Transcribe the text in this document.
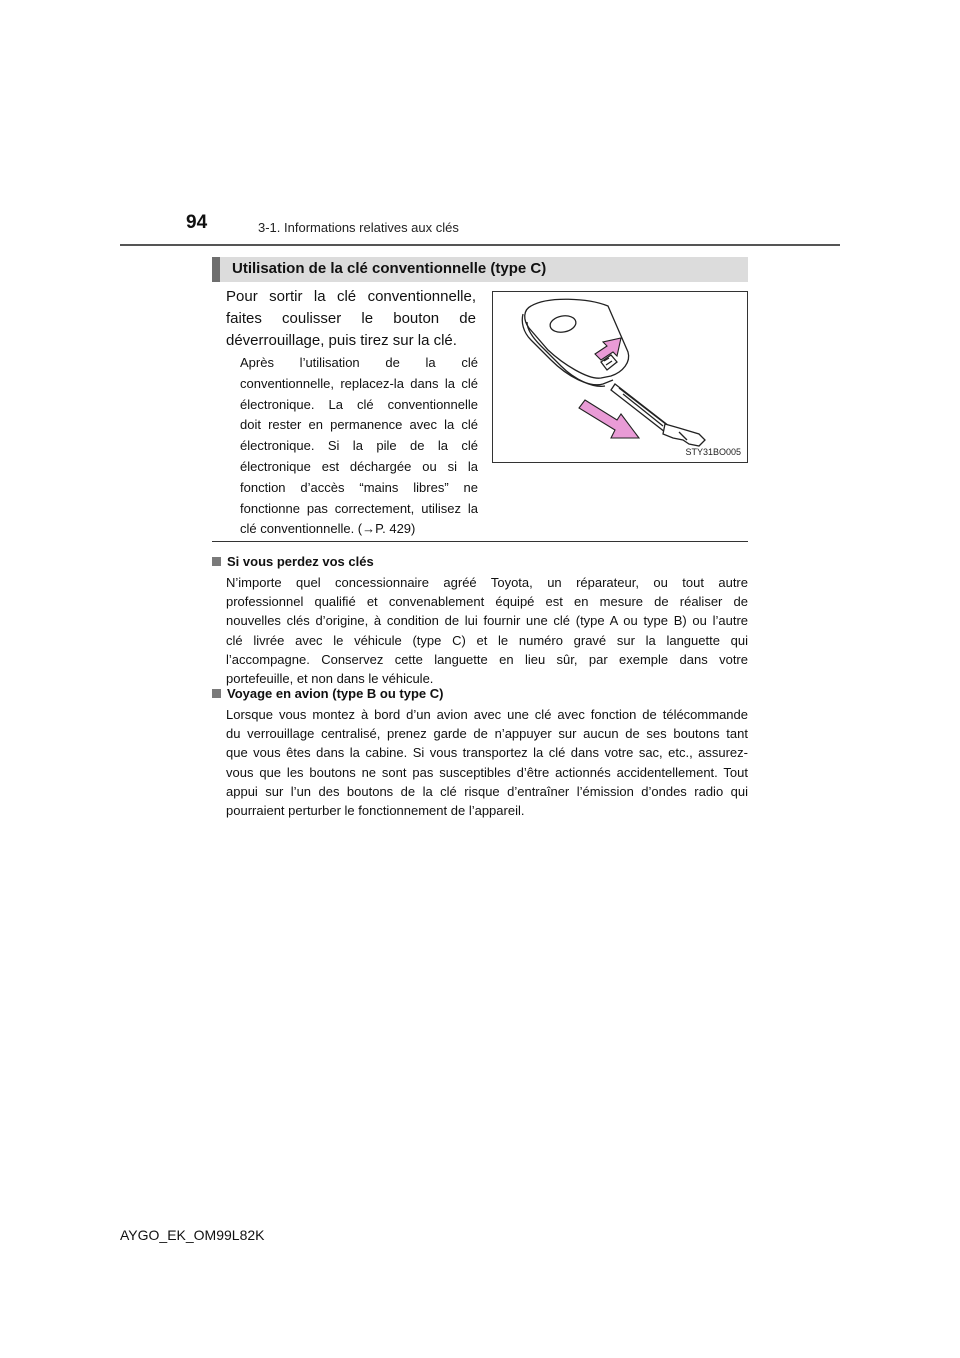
94	3-1. Informations relatives aux clés
Utilisation de la clé conventionnelle (type C)
Pour sortir la clé conventionnelle,
faites coulisser le bouton de
déverrouillage, puis tirez sur la clé.
Après l’utilisation de la clé
conventionnelle, replacez-la dans la clé
électronique. La clé conventionnelle
doit rester en permanence avec la clé
électronique. Si la pile de la clé
électronique est déchargée ou si la
fonction d’accès “mains libres” ne
fonctionne pas correctement, utilisez la
clé conventionnelle. (→P. 429)
STY31BO005
Si vous perdez vos clés
N’importe quel concessionnaire agréé Toyota, un réparateur, ou tout autre
professionnel qualifié et convenablement équipé est en mesure de réaliser de
nouvelles clés d’origine, à condition de lui fournir une clé (type A ou type B) ou l’autre
clé livrée avec le véhicule (type C) et le numéro gravé sur la languette qui
l’accompagne. Conservez cette languette en lieu sûr, par exemple dans votre
portefeuille, et non dans le véhicule.
Voyage en avion (type B ou type C)
Lorsque vous montez à bord d’un avion avec une clé avec fonction de télécommande
du verrouillage centralisé, prenez garde de n’appuyer sur aucun de ses boutons tant
que vous êtes dans la cabine. Si vous transportez la clé dans votre sac, etc., assurez-
vous que les boutons ne sont pas susceptibles d’être actionnés accidentellement. Tout
appui sur l’un des boutons de la clé risque d’entraîner l’émission d’ondes radio qui
pourraient perturber le fonctionnement de l’appareil.
AYGO_EK_OM99L82K
